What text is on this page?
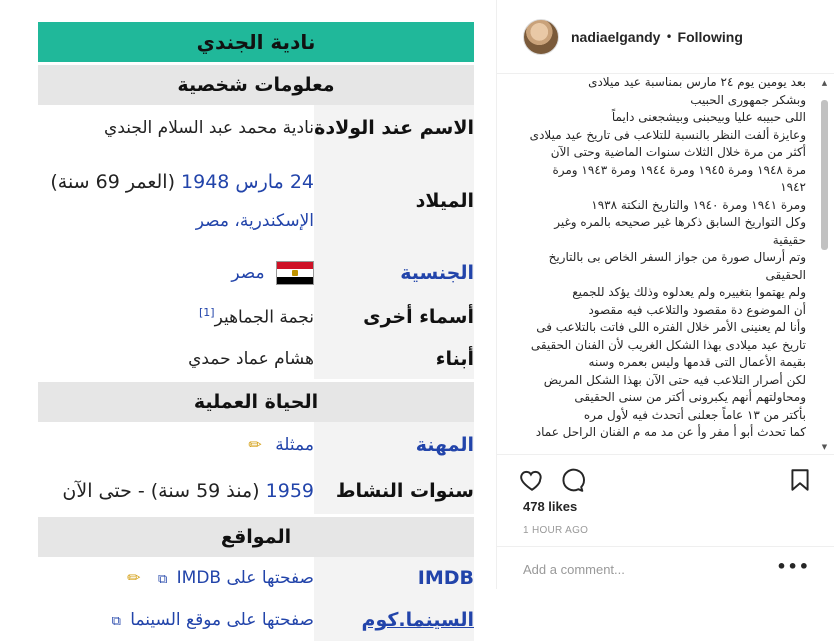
نادية الجندي
معلومات شخصية
الاسم عند الولادة
نادية محمد عبد السلام الجندي
الميلاد
24 مارس 1948 (العمر 69 سنة)
الإسكندرية، مصر
الجنسية
مصر
أسماء أخرى
نجمة الجماهير[1]
أبناء
هشام عماد حمدي
الحياة العملية
المهنة
ممثلة ✏
سنوات النشاط
1959 (منذ 59 سنة) - حتى الآن
المواقع
IMDB
صفحتها على IMDB ⧉ ✏
السينما.كوم
صفحتها على موقع السينما ⧉
nadiaelgandy • Following
بعد يومين يوم ٢٤ مارس بمناسبة عيد ميلادى
وبشكر جمهورى الحبيب
اللى حبيبه عليا وبيحبنى وبيشجعنى دايماً
وعايزة ألفت النظر بالنسبة للتلاعب فى تاريخ عيد ميلادى
أكثر من مرة خلال الثلاث سنوات الماضية وحتى الآن
مرة ١٩٤٨ ومرة ١٩٤٥ ومرة ١٩٤٤ ومرة ١٩٤٣ ومرة
١٩٤٢
ومرة ١٩٤١ ومرة ١٩٤٠ والتاريخ النكتة ١٩٣٨
وكل التواريخ السابق ذكرها غير صحيحه بالمره وغير
حقيقية
وتم أرسال صورة من جواز السفر الخاص بى بالتاريخ
الحقيقى
ولم يهتموا بتغييره ولم يعدلوه وذلك يؤكد للجميع
أن الموضوع دة مقصود والتلاعب فيه مقصود
وأنا لم يعنينى الأمر خلال الفتره اللى فاتت بالتلاعب فى
تاريخ عيد ميلادى بهذا الشكل الغريب لأن الفنان الحقيقى
بقيمة الأعمال التى قدمها وليس بعمره وسنه
لكن أصرار التلاعب فيه حتى الآن بهذا الشكل المريض
ومحاولتهم أنهم يكبرونى أكتر من سنى الحقيقى
بأكتر من ١٣ عاماً جعلنى أتحدث فيه لأول مره
كما تحدث أبو أ مفر وأ عن مد مه م الفنان الراحل عماد
▲
▼
478 likes
1 HOUR AGO
Add a comment...
•••
